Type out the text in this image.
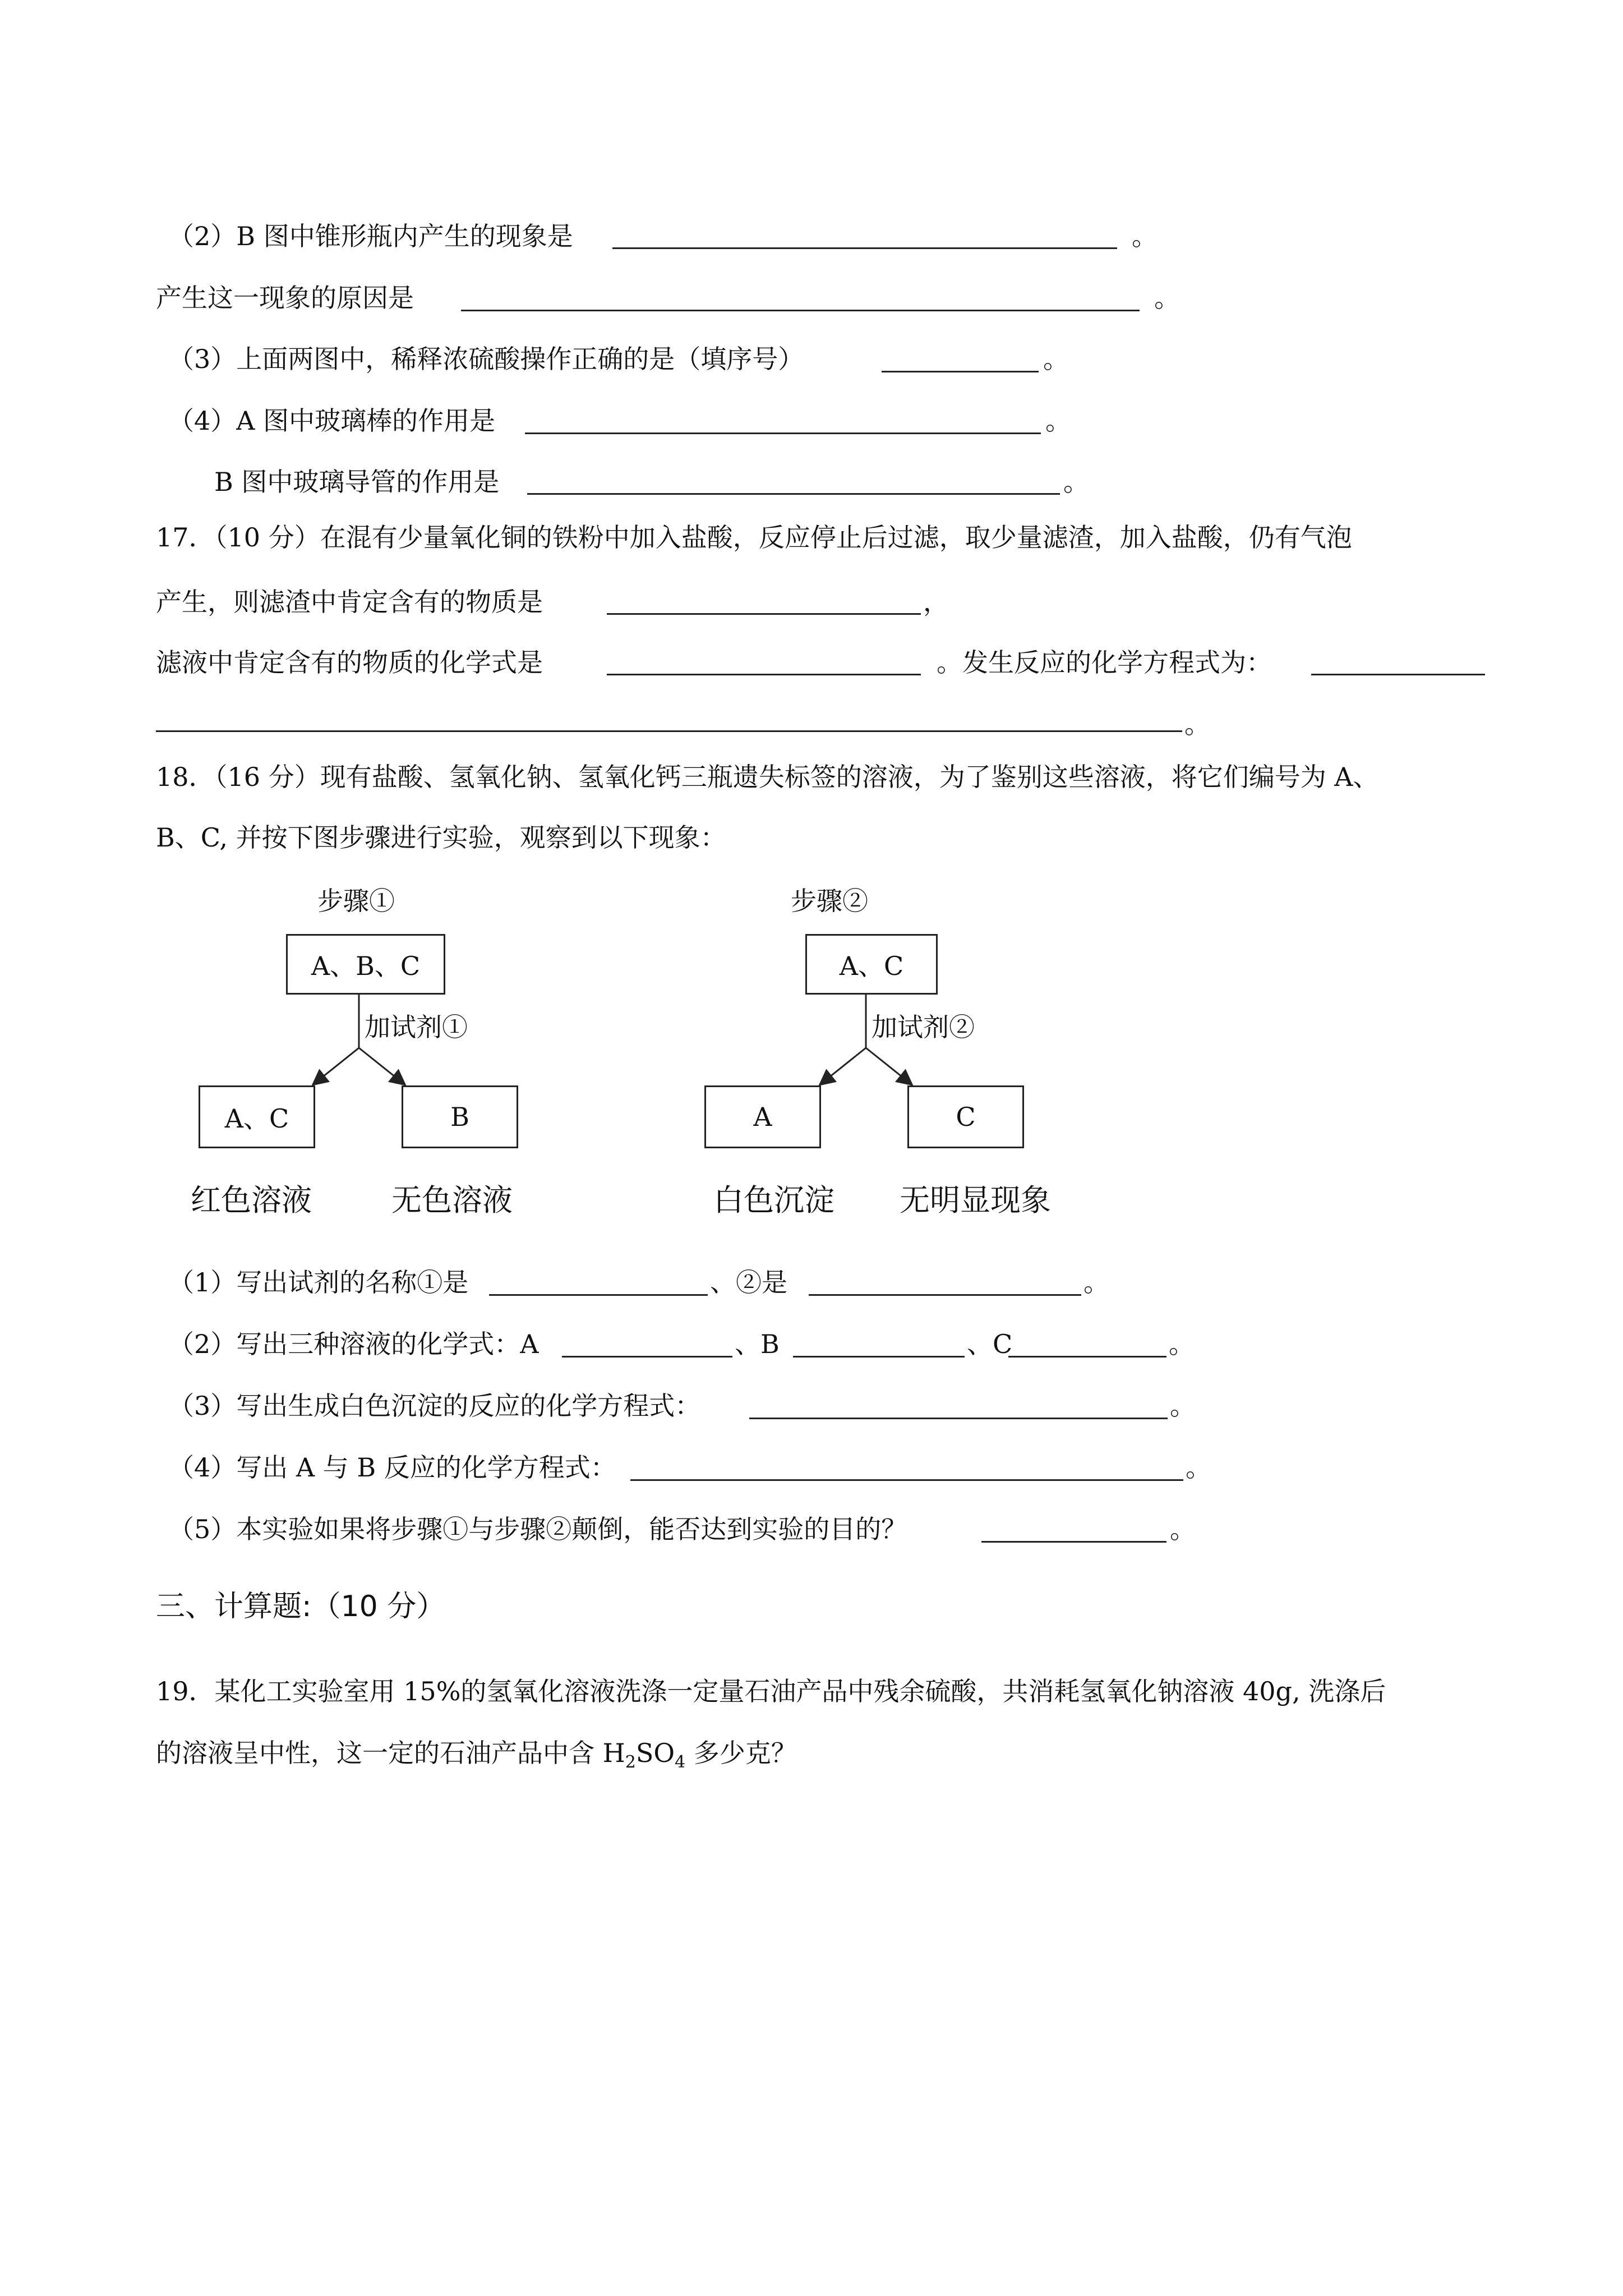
（2）B 图中锥形瓶内产生的现象是	。
产生这一现象的原因是	。
（3）上面两图中，稀释浓硫酸操作正确的是（填序号）	。
（4）A 图中玻璃棒的作用是	。
B 图中玻璃导管的作用是	。
17．（10 分）在混有少量氧化铜的铁粉中加入盐酸，反应停止后过滤，取少量滤渣，加入盐酸，仍有气泡
产生，则滤渣中肯定含有的物质是	，
滤液中肯定含有的物质的化学式是	。发生反应的化学方程式为：
。
18．（16 分）现有盐酸、氢氧化钠、氢氧化钙三瓶遗失标签的溶液，为了鉴别这些溶液，将它们编号为 A、
B、C, 并按下图步骤进行实验，观察到以下现象：
步骤①
A、B、C
加试剂①
A、C	B
红色溶液	无色溶液
步骤②
A、C
加试剂②
A	C
白色沉淀 无明显现象
（1）写出试剂的名称①是	、②是	。
（2）写出三种溶液的化学式：A	、B	、C	。
（3）写出生成白色沉淀的反应的化学方程式：	。
（4）写出 A 与 B 反应的化学方程式：	。
（5）本实验如果将步骤①与步骤②颠倒，能否达到实验的目的？	。
三、计算题:（10 分）
19．某化工实验室用 15%的氢氧化溶液洗涤一定量石油产品中残余硫酸，共消耗氢氧化钠溶液 40g, 洗涤后
的溶液呈中性，这一定的石油产品中含 $H_2SO_4$ 多少克？
